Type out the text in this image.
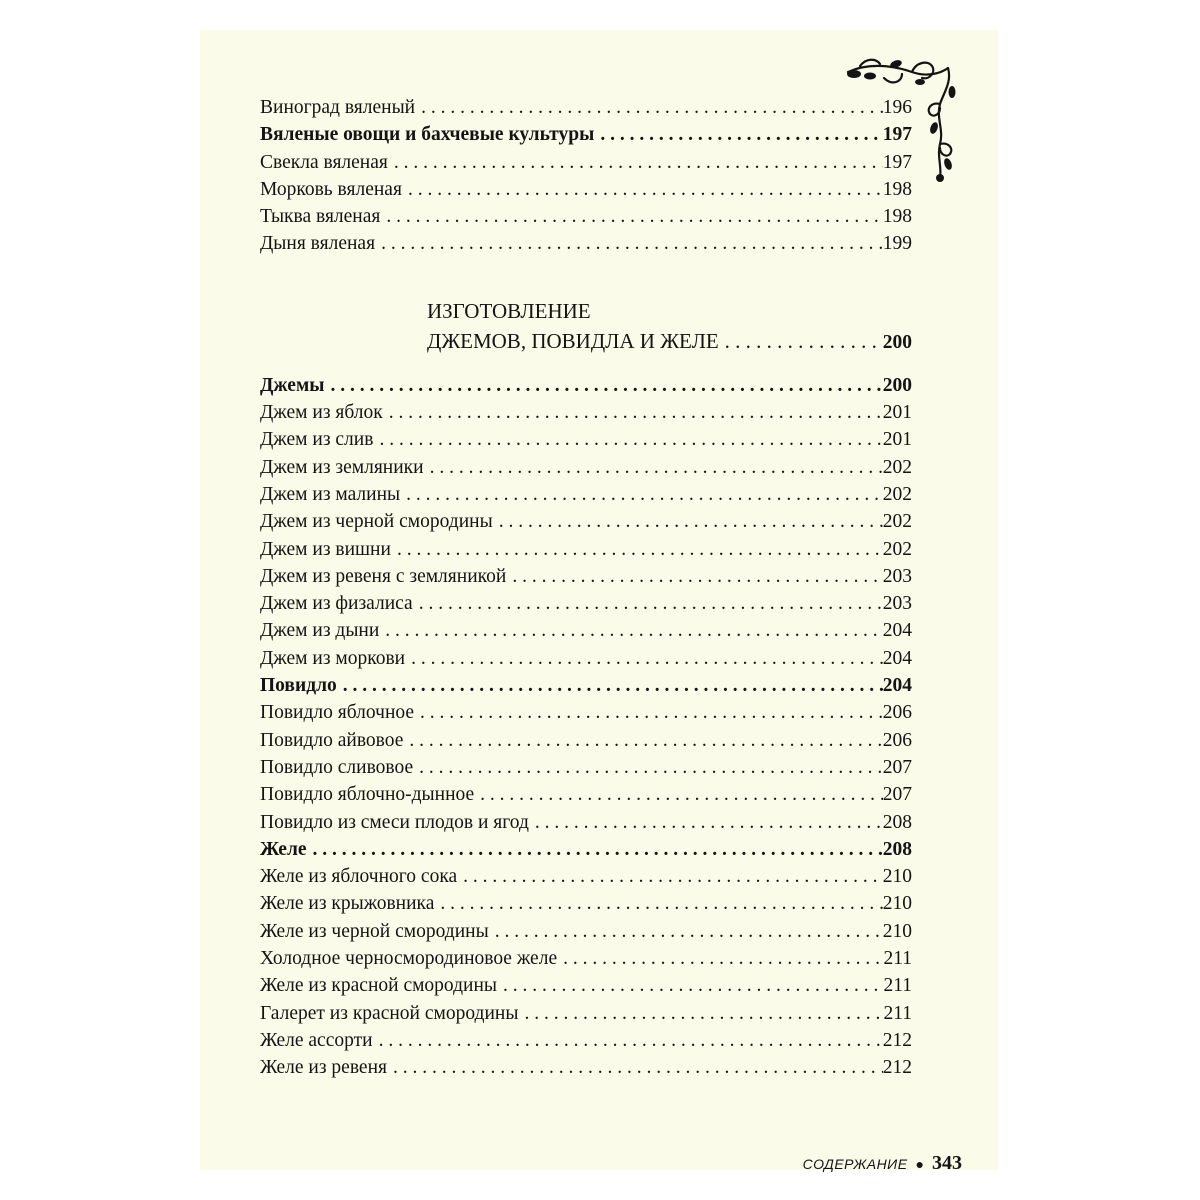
Виноград вяленый . . .	196
Вяленые овощи и бахчевые культуры . . .	197
Свекла вяленая . . .	197
Морковь вяленая . . .	198
Тыква вяленая . . .	198
Дыня вяленая . . .	199
ИЗГОТОВЛЕНИЕ
ДЖЕМОВ, ПОВИДЛА И ЖЕЛЕ . . .	200
Джемы . . .	200
Джем из яблок . . .	201
Джем из слив . . .	201
Джем из земляники . . .	202
Джем из малины . . .	202
Джем из черной смородины . . .	202
Джем из вишни . . .	202
Джем из ревеня с земляникой . . .	203
Джем из физалиса . . .	203
Джем из дыни . . .	204
Джем из моркови . . .	204
Повидло . . .	204
Повидло яблочное . . .	206
Повидло айвовое . . .	206
Повидло сливовое . . .	207
Повидло яблочно-дынное . . .	207
Повидло из смеси плодов и ягод . . .	208
Желе . . .	208
Желе из яблочного сока . . .	210
Желе из крыжовника . . .	210
Желе из черной смородины . . .	210
Холодное черносмородиновое желе . . .	211
Желе из красной смородины . . .	211
Галерет из красной смородины . . .	211
Желе ассорти . . .	212
Желе из ревеня . . .	212
СОДЕРЖАНИЕ ● 343
